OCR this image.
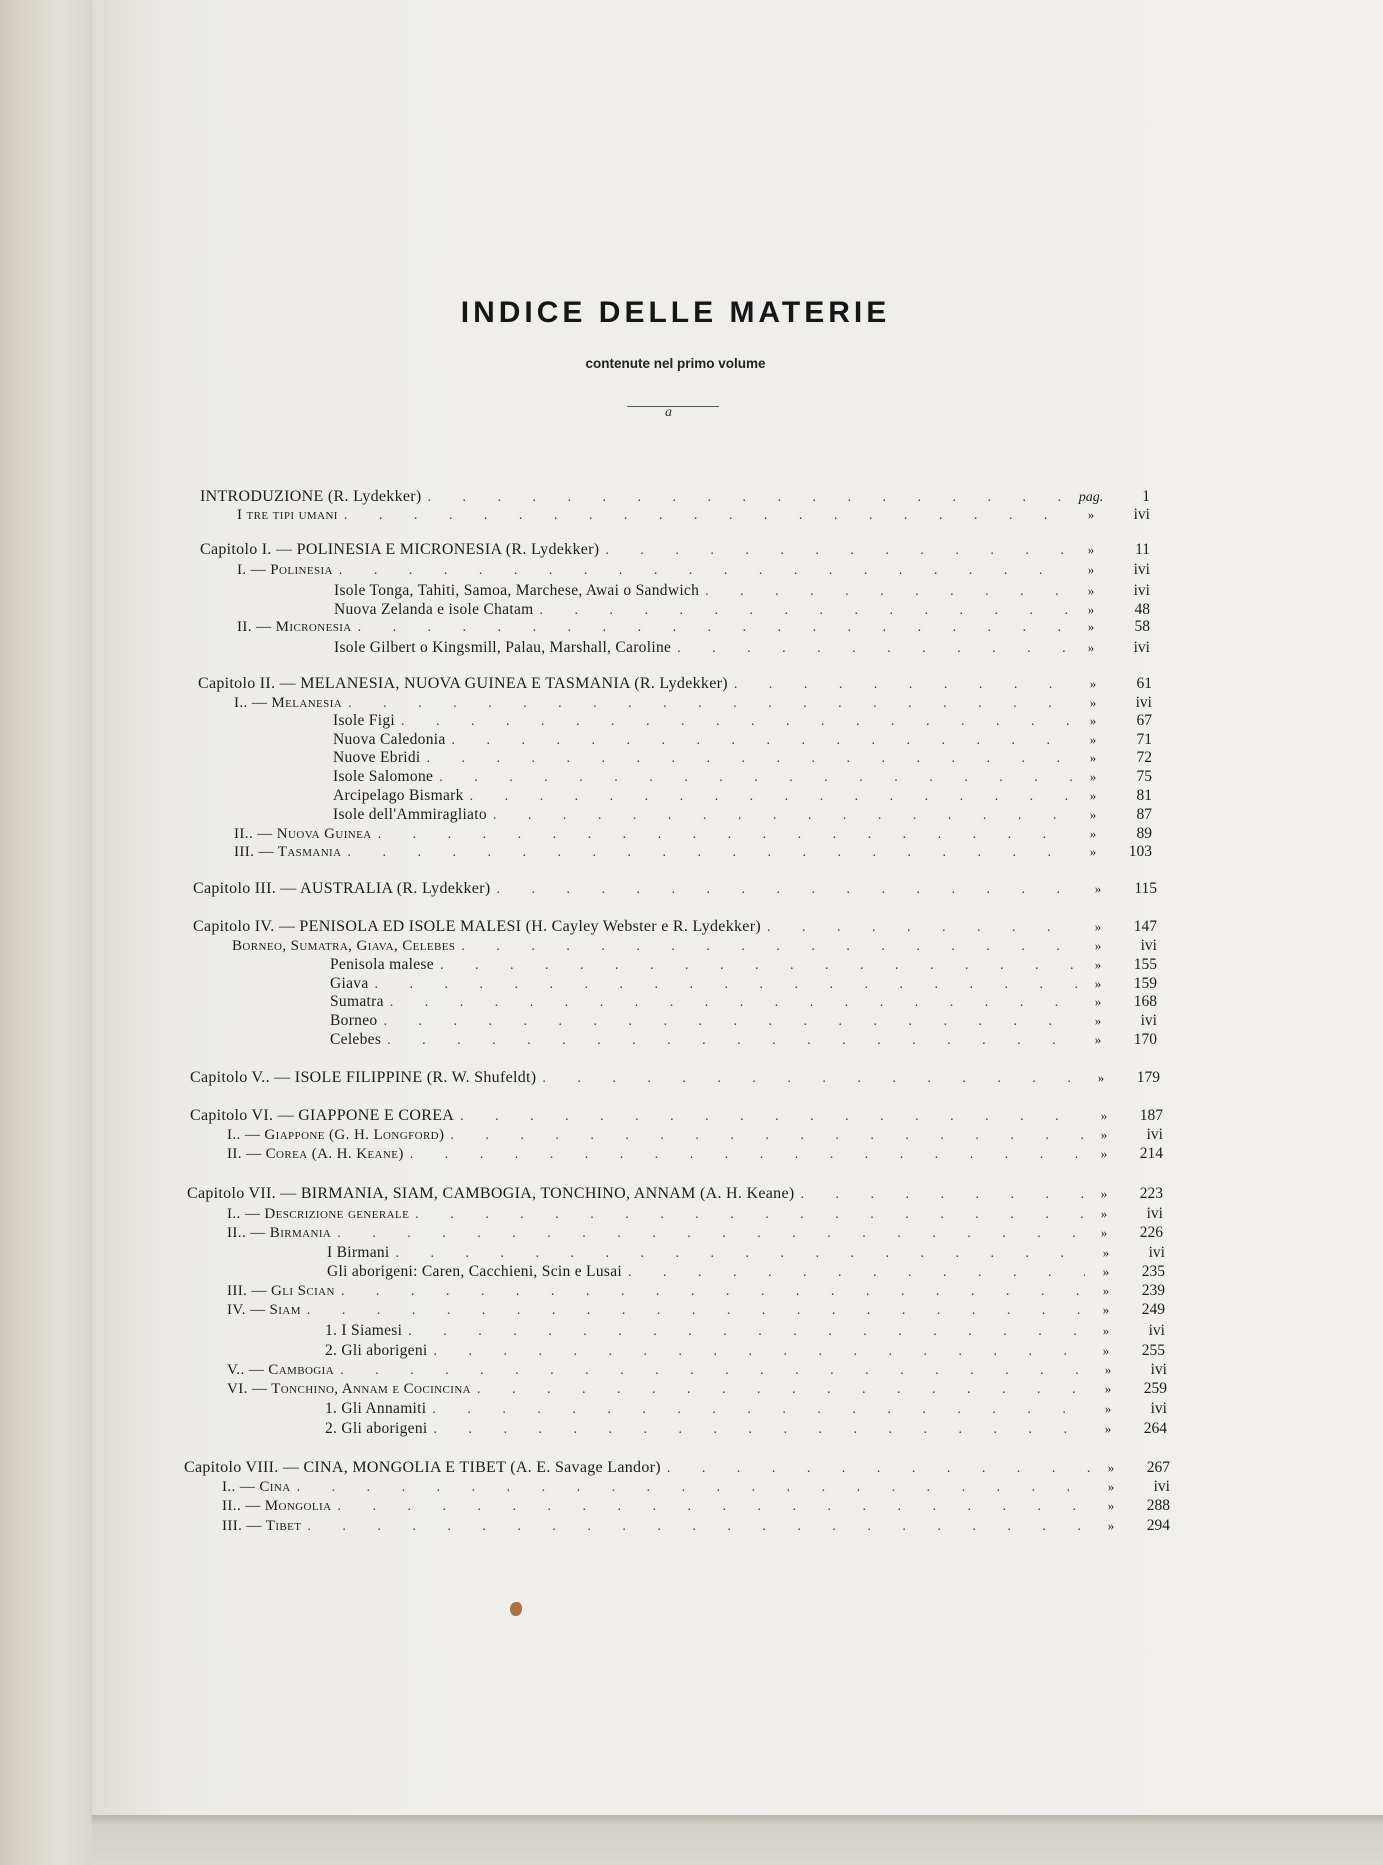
INDICE DELLE MATERIE
contenute nel primo volume
a
INTRODUZIONE (R. Lydekker) . . .	pag.	1
I tre tipi umani . . .	»	ivi
Capitolo I. — POLINESIA E MICRONESIA (R. Lydekker) . . .	»	11
I. — Polinesia . . .	»	ivi
Isole Tonga, Tahiti, Samoa, Marchese, Awai o Sandwich . . .	»	ivi
Nuova Zelanda e isole Chatam . . .	»	48
II. — Micronesia . . .	»	58
Isole Gilbert o Kingsmill, Palau, Marshall, Caroline . . .	»	ivi
Capitolo II. — MELANESIA, NUOVA GUINEA E TASMANIA (R. Lydekker) . . .	»	61
I.. — Melanesia . . .	»	ivi
Isole Figi . . .	»	67
Nuova Caledonia . . .	»	71
Nuove Ebridi . . .	»	72
Isole Salomone . . .	»	75
Arcipelago Bismark . . .	»	81
Isole dell'Ammiragliato . . .	»	87
II.. — Nuova Guinea . . .	»	89
III. — Tasmania . . .	»	103
Capitolo III. — AUSTRALIA (R. Lydekker) . . .	»	115
Capitolo IV. — PENISOLA ED ISOLE MALESI (H. Cayley Webster e R. Lydekker) . . .	»	147
Borneo, Sumatra, Giava, Celebes . . .	»	ivi
Penisola malese . . .	»	155
Giava . . .	»	159
Sumatra . . .	»	168
Borneo . . .	»	ivi
Celebes . . .	»	170
Capitolo V.. — ISOLE FILIPPINE (R. W. Shufeldt) . . .	»	179
Capitolo VI. — GIAPPONE E COREA . . .	»	187
I.. — Giappone (G. H. Longford) . . .	»	ivi
II. — Corea (A. H. Keane) . . .	»	214
Capitolo VII. — BIRMANIA, SIAM, CAMBOGIA, TONCHINO, ANNAM (A. H. Keane) . . .	»	223
I.. — Descrizione generale . . .	»	ivi
II.. — Birmania . . .	»	226
I Birmani . . .	»	ivi
Gli aborigeni: Caren, Cacchieni, Scin e Lusai . . .	»	235
III. — Gli Scian . . .	»	239
IV. — Siam . . .	»	249
1. I Siamesi . . .	»	ivi
2. Gli aborigeni . . .	»	255
V.. — Cambogia . . .	»	ivi
VI. — Tonchino, Annam e Cocincina . . .	»	259
1. Gli Annamiti . . .	»	ivi
2. Gli aborigeni . . .	»	264
Capitolo VIII. — CINA, MONGOLIA E TIBET (A. E. Savage Landor) . . .	»	267
I.. — Cina . . .	»	ivi
II.. — Mongolia . . .	»	288
III. — Tibet . . .	»	294
